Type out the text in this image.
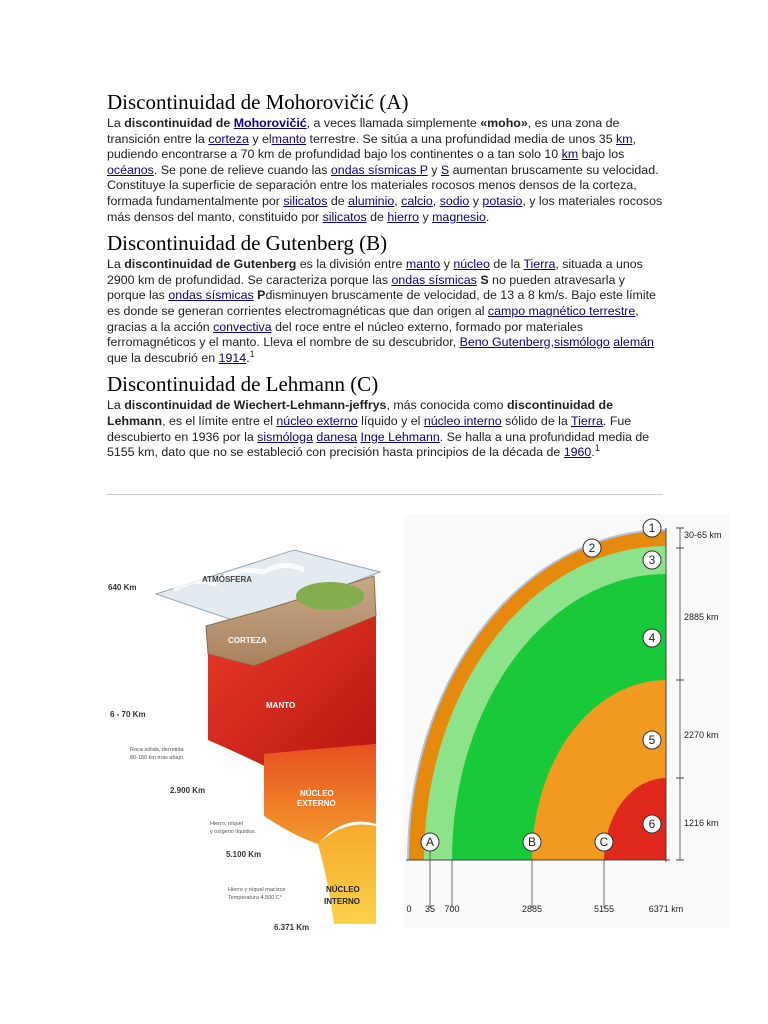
Discontinuidad de Mohorovičić (A)

La discontinuidad de Mohorovičić, a veces llamada simplemente «moho», es una zona de transición entre la corteza y elmanto terrestre. Se sitúa a una profundidad media de unos 35 km, pudiendo encontrarse a 70 km de profundidad bajo los continentes o a tan solo 10 km bajo los océanos. Se pone de relieve cuando las ondas sísmicas P y S aumentan bruscamente su velocidad. Constituye la superficie de separación entre los materiales rocosos menos densos de la corteza, formada fundamentalmente por silicatos de aluminio, calcio, sodio y potasio, y los materiales rocosos más densos del manto, constituido por silicatos de hierro y magnesio.

Discontinuidad de Gutenberg (B)

La discontinuidad de Gutenberg es la división entre manto y núcleo de la Tierra, situada a unos 2900 km de profundidad. Se caracteriza porque las ondas sísmicas S no pueden atravesarla y porque las ondas sísmicas Pdisminuyen bruscamente de velocidad, de 13 a 8 km/s. Bajo este límite es donde se generan corrientes electromagnéticas que dan origen al campo magnético terrestre, gracias a la acción convectiva del roce entre el núcleo externo, formado por materiales ferromagnéticos y el manto. Lleva el nombre de su descubridor, Beno Gutenberg,sismólogo alemán que la descubrió en 1914.$^1$

Discontinuidad de Lehmann (C)

La discontinuidad de Wiechert-Lehmann-jeffrys, más conocida como discontinuidad de Lehmann, es el límite entre el núcleo externo líquido y el núcleo interno sólido de la Tierra. Fue descubierto en 1936 por la sismóloga danesa Inge Lehmann. Se halla a una profundidad media de 5155 km, dato que no se estableció con precisión hasta principios de la década de 1960.$^1$

640 Km
ATMÓSFERA
CORTEZA
6 - 70 Km
MANTO
Roca sólida, derretida
80-150 km más abajo.
2.900 Km	NÚCLEO
EXTERNO
Hierro, níquel
y oxígeno líquidos.
5.100 Km
Hierro y níquel macizos
Temperatura 4.500 C°
NÚCLEO
INTERNO
6.371 Km
1
2
3
4
5
6
A	B	C
30-65 km
2885 km
2270 km
1216 km
0 35 700	2885	5155	6371 km
